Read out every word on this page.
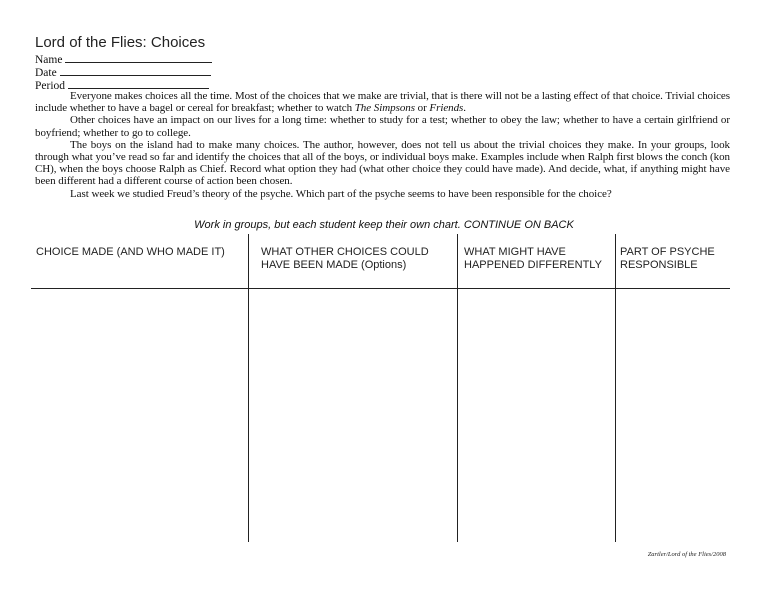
Lord of the Flies: Choices
Name
Date
Period

Everyone makes choices all the time. Most of the choices that we make are trivial, that is there will not be a lasting effect of that choice. Trivial choices include whether to have a bagel or cereal for breakfast; whether to watch The Simpsons or Friends.

Other choices have an impact on our lives for a long time: whether to study for a test; whether to obey the law; whether to have a certain girlfriend or boyfriend; whether to go to college.

The boys on the island had to make many choices. The author, however, does not tell us about the trivial choices they make. In your groups, look through what you’ve read so far and identify the choices that all of the boys, or individual boys make. Examples include when Ralph first blows the conch (kon CH), when the boys choose Ralph as Chief. Record what option they had (what other choice they could have made). And decide, what, if anything might have been different had a different course of action been chosen.

Last week we studied Freud’s theory of the psyche. Which part of the psyche seems to have been responsible for the choice?

Work in groups, but each student keep their own chart. CONTINUE ON BACK
CHOICE MADE (AND WHO MADE IT)	WHAT OTHER CHOICES COULD HAVE BEEN MADE (Options)
WHAT MIGHT HAVE HAPPENED DIFFERENTLY
PART OF PSYCHE RESPONSIBLE
Zartler/Lord of the Flies/2008
